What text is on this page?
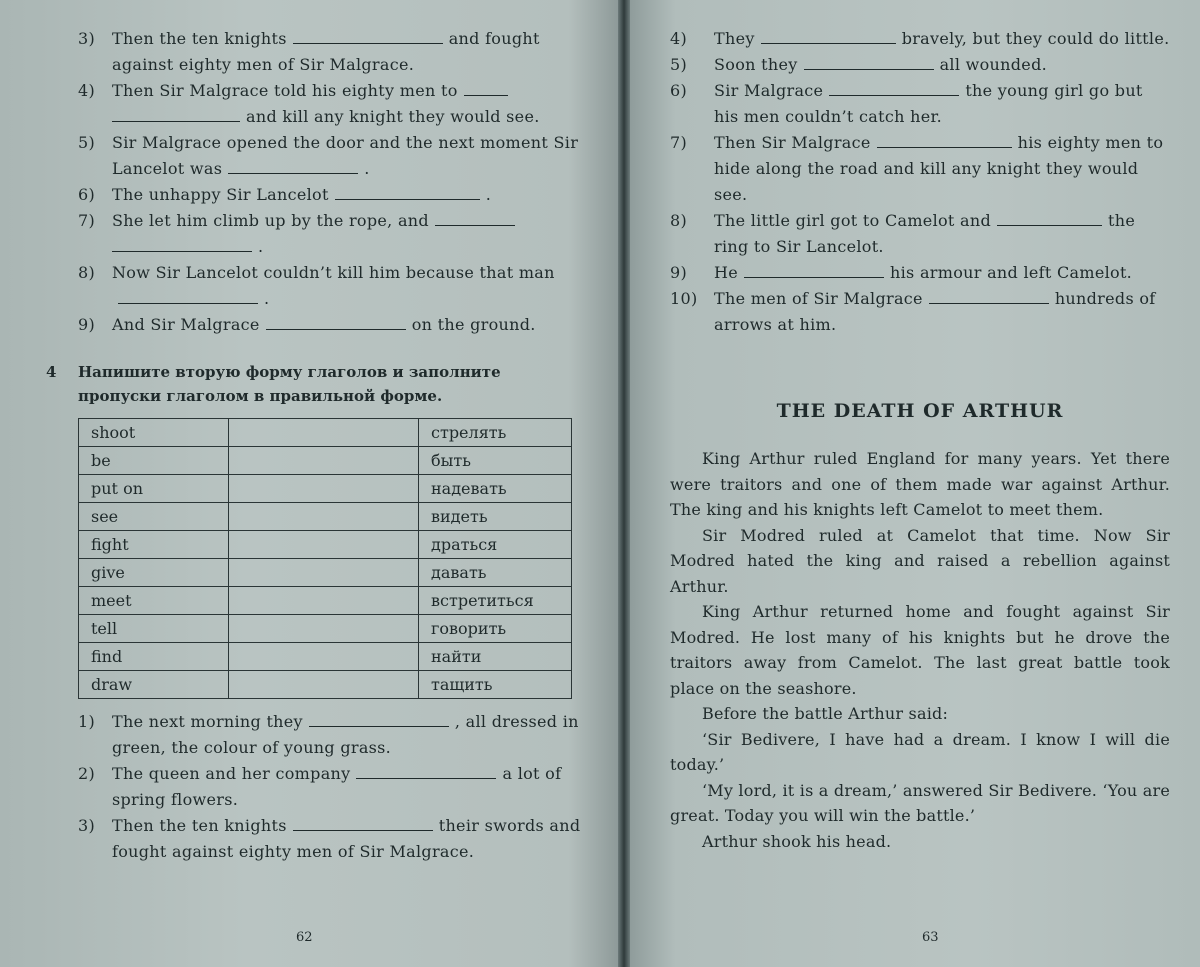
3) Then the ten knights	and fought against eighty men of Sir Malgrace.
4) Then Sir Malgrace told his eighty men toand kill any knight they would see.
5) Sir Malgrace opened the door and the next moment Sir Lancelot was	.
6) The unhappy Sir Lancelot	.
7) She let him climb up by the rope, and.
8) Now Sir Lancelot couldn’t kill him because that man.
9) And Sir Malgrace	on the ground.
4 Напишите вторую форму глаголов и заполните пропуски глаголом в правильной форме.
shoot		стрелять
be		быть
put on		надевать
see		видеть
fight		драться
give		давать
meet		встретиться
tell		говорить
find		найти
draw		тащить
1) The next morning they	, all dressed in green, the colour of young grass.
2) The queen and her company	a lot of spring flowers.
3) Then the ten knights	their swords and fought against eighty men of Sir Malgrace.
62
4) They	bravely, but they could do little.
5) Soon they	all wounded.
6) Sir Malgrace	the young girl go but his men couldn’t catch her.
7) Then Sir Malgrace	his eighty men to hide along the road and kill any knight they would see.
8) The little girl got to Camelot and	the ring to Sir Lancelot.
9) He	his armour and left Camelot.
10) The men of Sir Malgrace	hundreds of arrows at him.
THE DEATH OF ARTHUR

King Arthur ruled England for many years. Yet there were traitors and one of them made war against Arthur. The king and his knights left Camelot to meet them.

Sir Modred ruled at Camelot that time. Now Sir Modred hated the king and raised a rebellion against Arthur.

King Arthur returned home and fought against Sir Modred. He lost many of his knights but he drove the traitors away from Camelot. The last great battle took place on the seashore.

Before the battle Arthur said:

‘Sir Bedivere, I have had a dream. I know I will die today.’

‘My lord, it is a dream,’ answered Sir Bedivere. ‘You are great. Today you will win the battle.’

Arthur shook his head.

63
